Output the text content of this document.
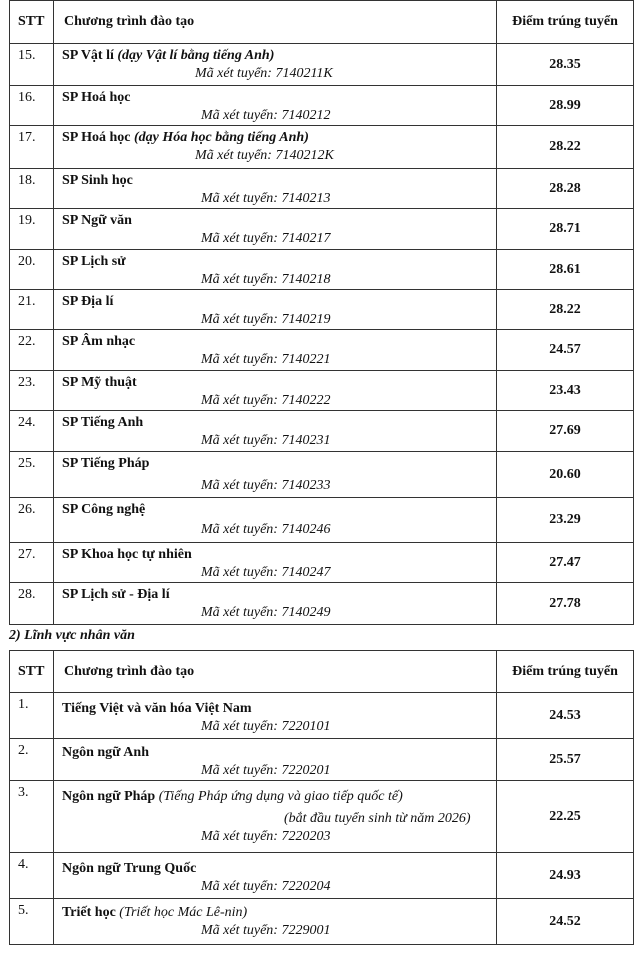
STT	Chương trình đào tạo	Điểm trúng tuyển
15.	SP Vật lí (dạy Vật lí bằng tiếng Anh)
Mã xét tuyển: 7140211K	28.35
16.	SP Hoá học
Mã xét tuyển: 7140212	28.99
17.	SP Hoá học (dạy Hóa học bằng tiếng Anh)
Mã xét tuyển: 7140212K	28.22
18.	SP Sinh học
Mã xét tuyển: 7140213	28.28
19.	SP Ngữ văn
Mã xét tuyển: 7140217	28.71
20.	SP Lịch sử
Mã xét tuyển: 7140218	28.61
21.	SP Địa lí
Mã xét tuyển: 7140219	28.22
22.	SP Âm nhạc
Mã xét tuyển: 7140221	24.57
23.	SP Mỹ thuật
Mã xét tuyển: 7140222	23.43
24.	SP Tiếng Anh
Mã xét tuyển: 7140231	27.69
25.	SP Tiếng Pháp
Mã xét tuyển: 7140233	20.60
26.	SP Công nghệ
Mã xét tuyển: 7140246	23.29
27.	SP Khoa học tự nhiên
Mã xét tuyển: 7140247	27.47
28.	SP Lịch sử - Địa lí
Mã xét tuyển: 7140249	27.78
2) Lĩnh vực nhân văn
STT	Chương trình đào tạo	Điểm trúng tuyển
1.	Tiếng Việt và văn hóa Việt Nam
Mã xét tuyển: 7220101	24.53
2.	Ngôn ngữ Anh
Mã xét tuyển: 7220201	25.57
3.	Ngôn ngữ Pháp (Tiếng Pháp ứng dụng và giao tiếp quốc tế)
(bắt đầu tuyển sinh từ năm 2026)
Mã xét tuyển: 7220203	22.25
4.	Ngôn ngữ Trung Quốc
Mã xét tuyển: 7220204	24.93
5.	Triết học (Triết học Mác Lê-nin)
Mã xét tuyển: 7229001	24.52
